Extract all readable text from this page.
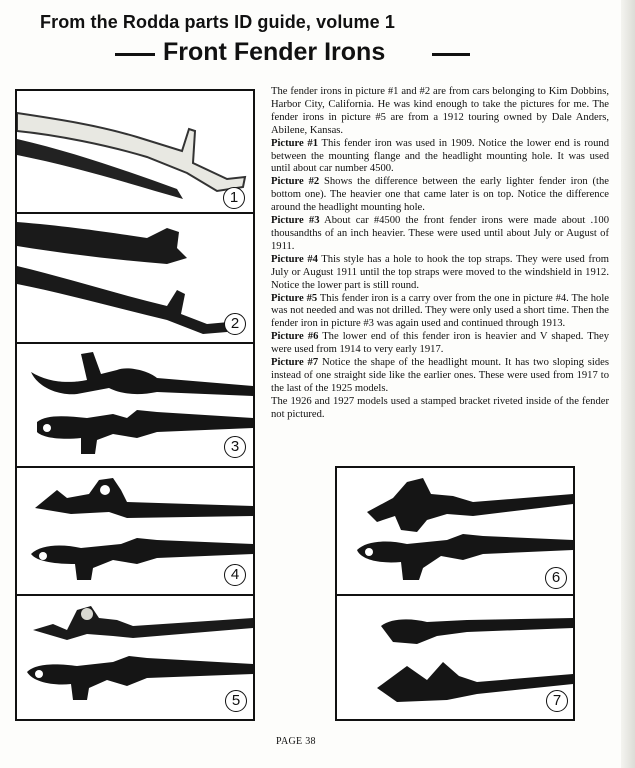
From the Rodda parts ID guide, volume 1
Front Fender Irons
1
2
3
4
5
6
7

The fender irons in picture #1 and #2 are from cars belonging to Kim Dobbins, Harbor City, California. He was kind enough to take the pictures for me. The fender irons in picture #5 are from a 1912 touring owned by Dale Anders, Abilene, Kansas.

Picture #1 This fender iron was used in 1909. Notice the lower end is round between the mounting flange and the headlight mounting hole. It was used until about car number 4500.

Picture #2 Shows the difference between the early lighter fender iron (the bottom one). The heavier one that came later is on top. Notice the difference around the headlight mounting hole.

Picture #3 About car #4500 the front fender irons were made about .100 thousandths of an inch heavier. These were used until about July or August of 1911.

Picture #4 This style has a hole to hook the top straps. They were used from July or August 1911 until the top straps were moved to the windshield in 1912. Notice the lower part is still round.

Picture #5 This fender iron is a carry over from the one in picture #4. The hole was not needed and was not drilled. They were only used a short time. Then the fender iron in picture #3 was again used and continued through 1913.

Picture #6 The lower end of this fender iron is heavier and V shaped. They were used from 1914 to very early 1917.

Picture #7 Notice the shape of the headlight mount. It has two sloping sides instead of one straight side like the earlier ones. These were used from 1917 to the last of the 1925 models.

The 1926 and 1927 models used a stamped bracket riveted inside of the fender not pictured.

PAGE 38
